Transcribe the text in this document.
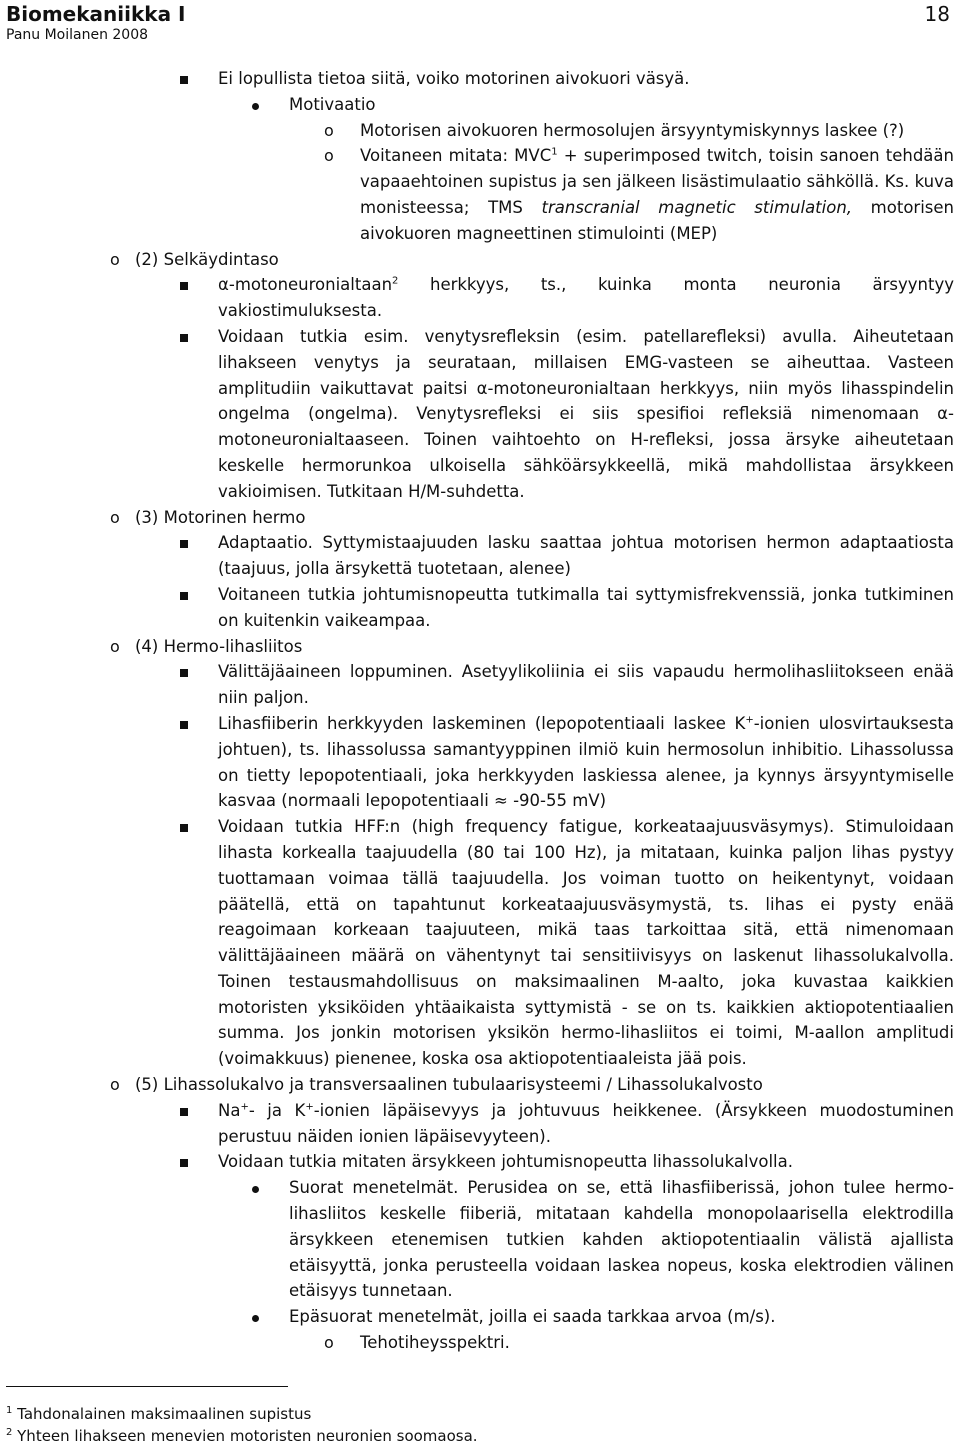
Biomekaniikka I
Panu Moilanen 2008
18
Ei lopullista tietoa siitä, voiko motorinen aivokuori väsyä.
Motivaatio
o Motorisen aivokuoren hermosolujen ärsyyntymiskynnys laskee (?)
o Voitaneen mitata: $MVC^1$ + superimposed twitch, toisin sanoen tehdään vapaaehtoinen supistus ja sen jälkeen lisästimulaatio sähköllä. Ks. kuva monisteessa; TMS transcranial magnetic stimulation, motorisen aivokuoren magneettinen stimulointi (MEP)
o (2) Selkäydintaso
α-motoneuronialtaan$^2$ herkkyys, ts., kuinka monta neuronia ärsyyntyy vakiostimuluksesta.
Voidaan tutkia esim. venytysrefleksin (esim. patellarefleksi) avulla. Aiheutetaan lihakseen venytys ja seurataan, millaisen EMG-vasteen se aiheuttaa. Vasteen amplitudiin vaikuttavat paitsi α-motoneuronialtaan herkkyys, niin myös lihasspindelin ongelma (ongelma). Venytysrefleksi ei siis spesifioi refleksiä nimenomaan α-motoneuronialtaaseen. Toinen vaihtoehto on H-refleksi, jossa ärsyke aiheutetaan keskelle hermorunkoa ulkoisella sähköärsykkeellä, mikä mahdollistaa ärsykkeen vakioimisen. Tutkitaan H/M-suhdetta.
o (3) Motorinen hermo
Adaptaatio. Syttymistaajuuden lasku saattaa johtua motorisen hermon adaptaatiosta (taajuus, jolla ärsykettä tuotetaan, alenee)
Voitaneen tutkia johtumisnopeutta tutkimalla tai syttymisfrekvenssiä, jonka tutkiminen on kuitenkin vaikeampaa.
o (4) Hermo-lihasliitos
Välittäjäaineen loppuminen. Asetyylikoliinia ei siis vapaudu hermolihasliitokseen enää niin paljon.
Lihasfiiberin herkkyyden laskeminen (lepopotentiaali laskee K+-ionien ulosvirtauksesta johtuen), ts. lihassolussa samantyyppinen ilmiö kuin hermosolun inhibitio. Lihassolussa on tietty lepopotentiaali, joka herkkyyden laskiessa alenee, ja kynnys ärsyyntymiselle kasvaa (normaali lepopotentiaali ≈ -90-55 mV)
Voidaan tutkia HFF:n (high frequency fatigue, korkeataajuusväsymys). Stimuloidaan lihasta korkealla taajuudella (80 tai 100 Hz), ja mitataan, kuinka paljon lihas pystyy tuottamaan voimaa tällä taajuudella. Jos voiman tuotto on heikentynyt, voidaan päätellä, että on tapahtunut korkeataajuusväsymystä, ts. lihas ei pysty enää reagoimaan korkeaan taajuuteen, mikä taas tarkoittaa sitä, että nimenomaan välittäjäaineen määrä on vähentynyt tai sensitiivisyys on laskenut lihassolukalvolla. Toinen testausmahdollisuus on maksimaalinen M-aalto, joka kuvastaa kaikkien motoristen yksiköiden yhtäaikaista syttymistä - se on ts. kaikkien aktiopotentiaalien summa. Jos jonkin motorisen yksikön hermo-lihasliitos ei toimi, M-aallon amplitudi (voimakkuus) pienenee, koska osa aktiopotentiaaleista jää pois.
o (5) Lihassolukalvo ja transversaalinen tubulaarisysteemi / Lihassolukalvosto
Na+- ja K+-ionien läpäisevyys ja johtuvuus heikkenee. (Ärsykkeen muodostuminen perustuu näiden ionien läpäisevyyteen).
Voidaan tutkia mitaten ärsykkeen johtumisnopeutta lihassolukalvolla.
Suorat menetelmät. Perusidea on se, että lihasfiiberissä, johon tulee hermo-lihasliitos keskelle fiiberiä, mitataan kahdella monopolaarisella elektrodilla ärsykkeen etenemisen tutkien kahden aktiopotentiaalin välistä ajallista etäisyyttä, jonka perusteella voidaan laskea nopeus, koska elektrodien välinen etäisyys tunnetaan.
Epäsuorat menetelmät, joilla ei saada tarkkaa arvoa (m/s).
o Tehotiheysspektri.
$^1$ Tahdonalainen maksimaalinen supistus
$^2$ Yhteen lihakseen menevien motoristen neuronien soomaosa.
